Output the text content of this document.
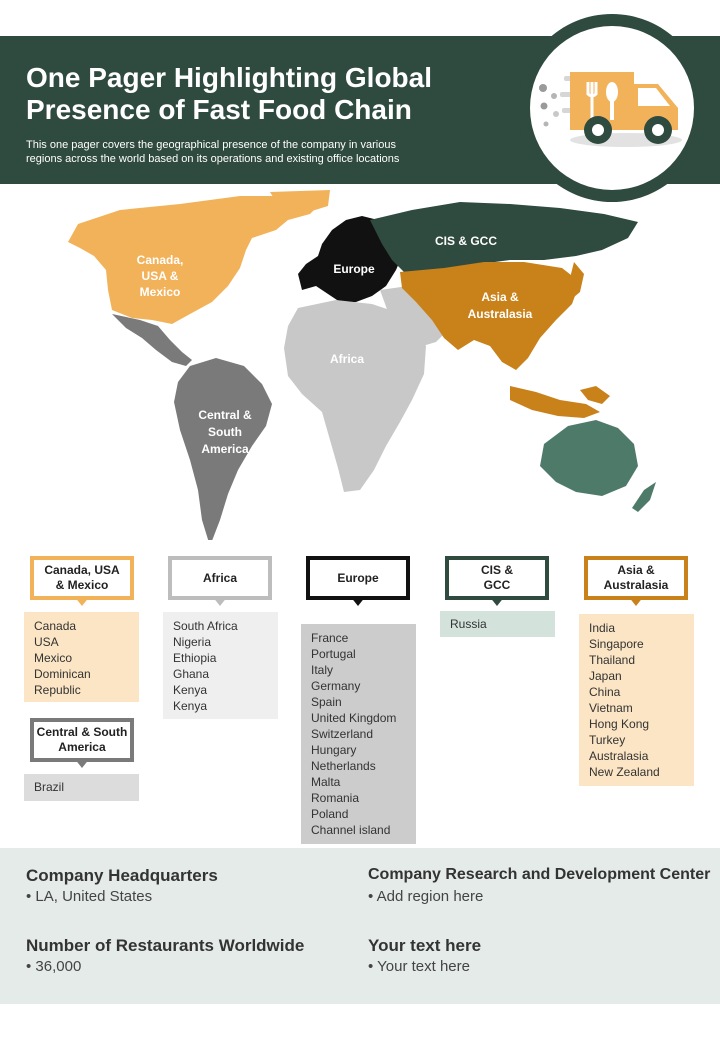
One Pager Highlighting Global
Presence of Fast Food Chain
This one pager covers the geographical presence of the company in various
regions across the world based on its operations and existing office locations
Canada,
USA &
Mexico
Europe
CIS & GCC
Asia &
Australasia
Africa
Central &
South
America
Canada, USA
& Mexico
Canada
USA
Mexico
Dominican
Republic
Central & South
America
Brazil
Africa
South Africa
Nigeria
Ethiopia
Ghana
Kenya
Kenya
Europe
France
Portugal
Italy
Germany
Spain
United Kingdom
Switzerland
Hungary
Netherlands
Malta
Romania
Poland
Channel island
CIS &
GCC
Russia
Asia &
Australasia
India
Singapore
Thailand
Japan
China
Vietnam
Hong Kong
Turkey
Australasia
New Zealand
Company Headquarters
• LA, United States
Company Research and Development Center
• Add region here
Number of Restaurants Worldwide
• 36,000
Your text here
• Your text here
